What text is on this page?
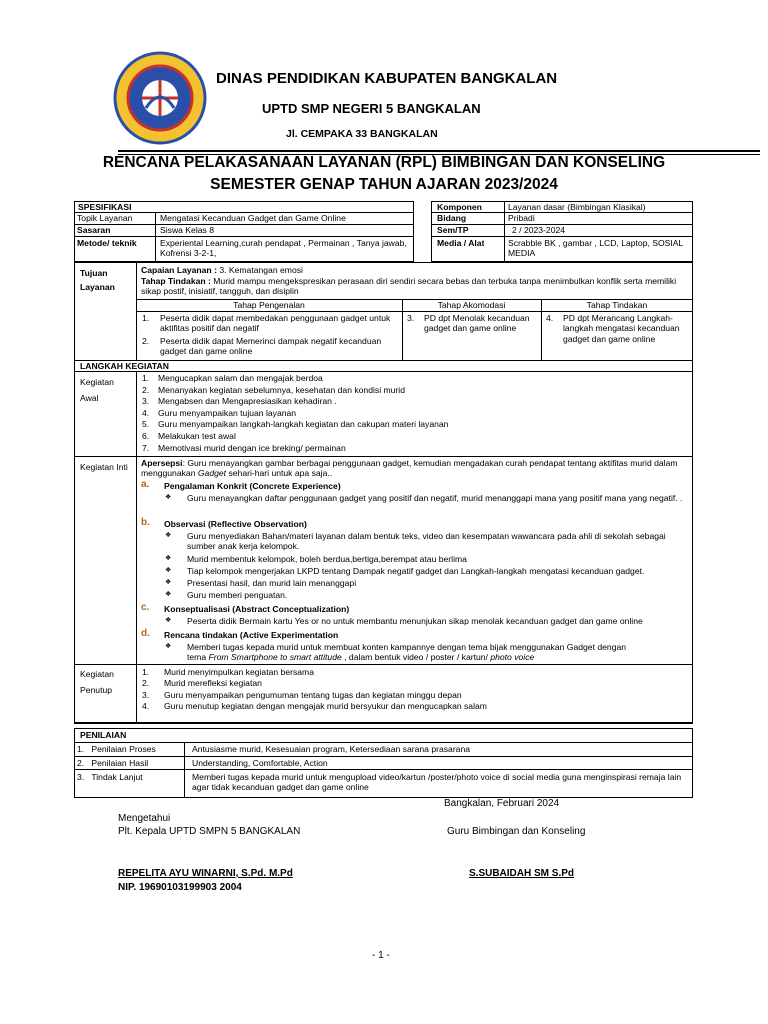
DINAS PENDIDIKAN KABUPATEN BANGKALAN
UPTD SMP NEGERI 5 BANGKALAN
Jl. CEMPAKA 33 BANGKALAN
RENCANA PELAKASANAAN LAYANAN (RPL) BIMBINGAN DAN KONSELING
SEMESTER GENAP TAHUN AJARAN 2023/2024
SPESIFIKASI
Topik Layanan	Mengatasi Kecanduan Gadget dan Game Online
Sasaran	Siswa Kelas 8
Metode/ teknik	Experiental Learning,curah pendapat , Permainan , Tanya jawab, Kofrensi 3-2-1,
Komponen	Layanan dasar (Bimbingan Klasikal)
Bidang	Pribadi
Sem/TP	2 / 2023-2024
Media / Alat	Scrabble BK , gambar , LCD, Laptop, SOSIAL MEDIA
Tujuan Layanan
Capaian Layanan : 3. Kematangan emosi
Tahap Tindakan : Murid mampu mengekspresikan perasaan diri sendiri secara bebas dan terbuka tanpa menimbulkan konflik serta memiliki sikap postif, inisiatif, tangguh, dan disiplin
Tahap Pengenalan	Tahap Akomodasi	Tahap Tindakan
1. Peserta didik dapat membedakan penggunaan gadget untuk aktifitas positif dan negatif
2. Peserta didik dapat Memerinci dampak negatif kecanduan gadget dan game online
3. PD dpt Menolak kecanduan gadget dan game online
4. PD dpt Merancang Langkah-langkah mengatasi kecanduan gadget dan game online
LANGKAH KEGIATAN
Kegiatan Awal
1. Mengucapkan salam dan mengajak berdoa
2. Menanyakan kegiatan sebelumnya, kesehatan dan kondisi murid
3. Mengabsen dan Mengapresiasikan kehadiran .
4. Guru menyampaikan tujuan layanan
5. Guru menyampaikan langkah-langkah kegiatan dan cakupan materi layanan
6. Melakukan test awal
7. Memotivasi murid dengan ice breking/ permainan
Kegiatan Inti Apersepsi: Guru menayangkan gambar berbagai penggunaan gadget, kemudian mengadakan curah pendapat tentang aktifitas murid dalam menggunakan Gadget sehari-hari untuk apa saja..
a. Pengalaman Konkrit (Concrete Experience)
❖ Guru menayangkan daftar penggunaan gadget yang positif dan negatif, murid menanggapi mana yang positif mana yang negatif. .
b. Observasi (Reflective Observation)
❖ Guru menyediakan Bahan/materi layanan dalam bentuk teks, video dan kesempatan wawancara pada ahli di sekolah sebagai sumber anak kerja kelompok.
❖ Murid membentuk kelompok, boleh berdua,bertiga,berempat atau berlima
❖ Tiap kelompok mengerjakan LKPD tentang Dampak negatif gadget dan Langkah-langkah mengatasi kecanduan gadget.
❖ Presentasi hasil, dan murid lain menanggapi
❖ Guru memberi penguatan.
c. Konseptualisasi (Abstract Conceptualization)
❖ Peserta didik Bermain kartu Yes or no untuk membantu menunjukan sikap menolak kecanduan gadget dan game online
d. Rencana tindakan (Active Experimentation
❖ Memberi tugas kepada murid untuk membuat konten kampannye dengan tema bijak menggunakan Gadget dengan
tema From Smartphone to smart attitude , dalam bentuk video / poster / kartun/ photo voice
Kegiatan Penutup
1. Murid menyimpulkan kegiatan bersama
2. Murid merefleksi kegiatan
3. Guru menyampaikan pengumuman tentang tugas dan kegiatan minggu depan
4. Guru menutup kegiatan dengan mengajak murid bersyukur dan mengucapkan salam
PENILAIAN
1. Penilaian Proses	Antusiasme murid, Kesesuaian program, Ketersediaan sarana prasarana
2. Penilaian Hasil	Understanding, Comfortable, Action
3. Tindak Lanjut	Memberi tugas kepada murid untuk mengupload video/kartun /poster/photo voice di social media guna menginspirasi remaja lain agar tidak kecanduan gadget dan game online
Bangkalan, Februari 2024
Mengetahui
Plt. Kepala UPTD SMPN 5 BANGKALAN	Guru Bimbingan dan Konseling
REPELITA AYU WINARNI, S.Pd. M.Pd
NIP. 19690103199903 2004
S.SUBAIDAH SM S.Pd
- 1 -
